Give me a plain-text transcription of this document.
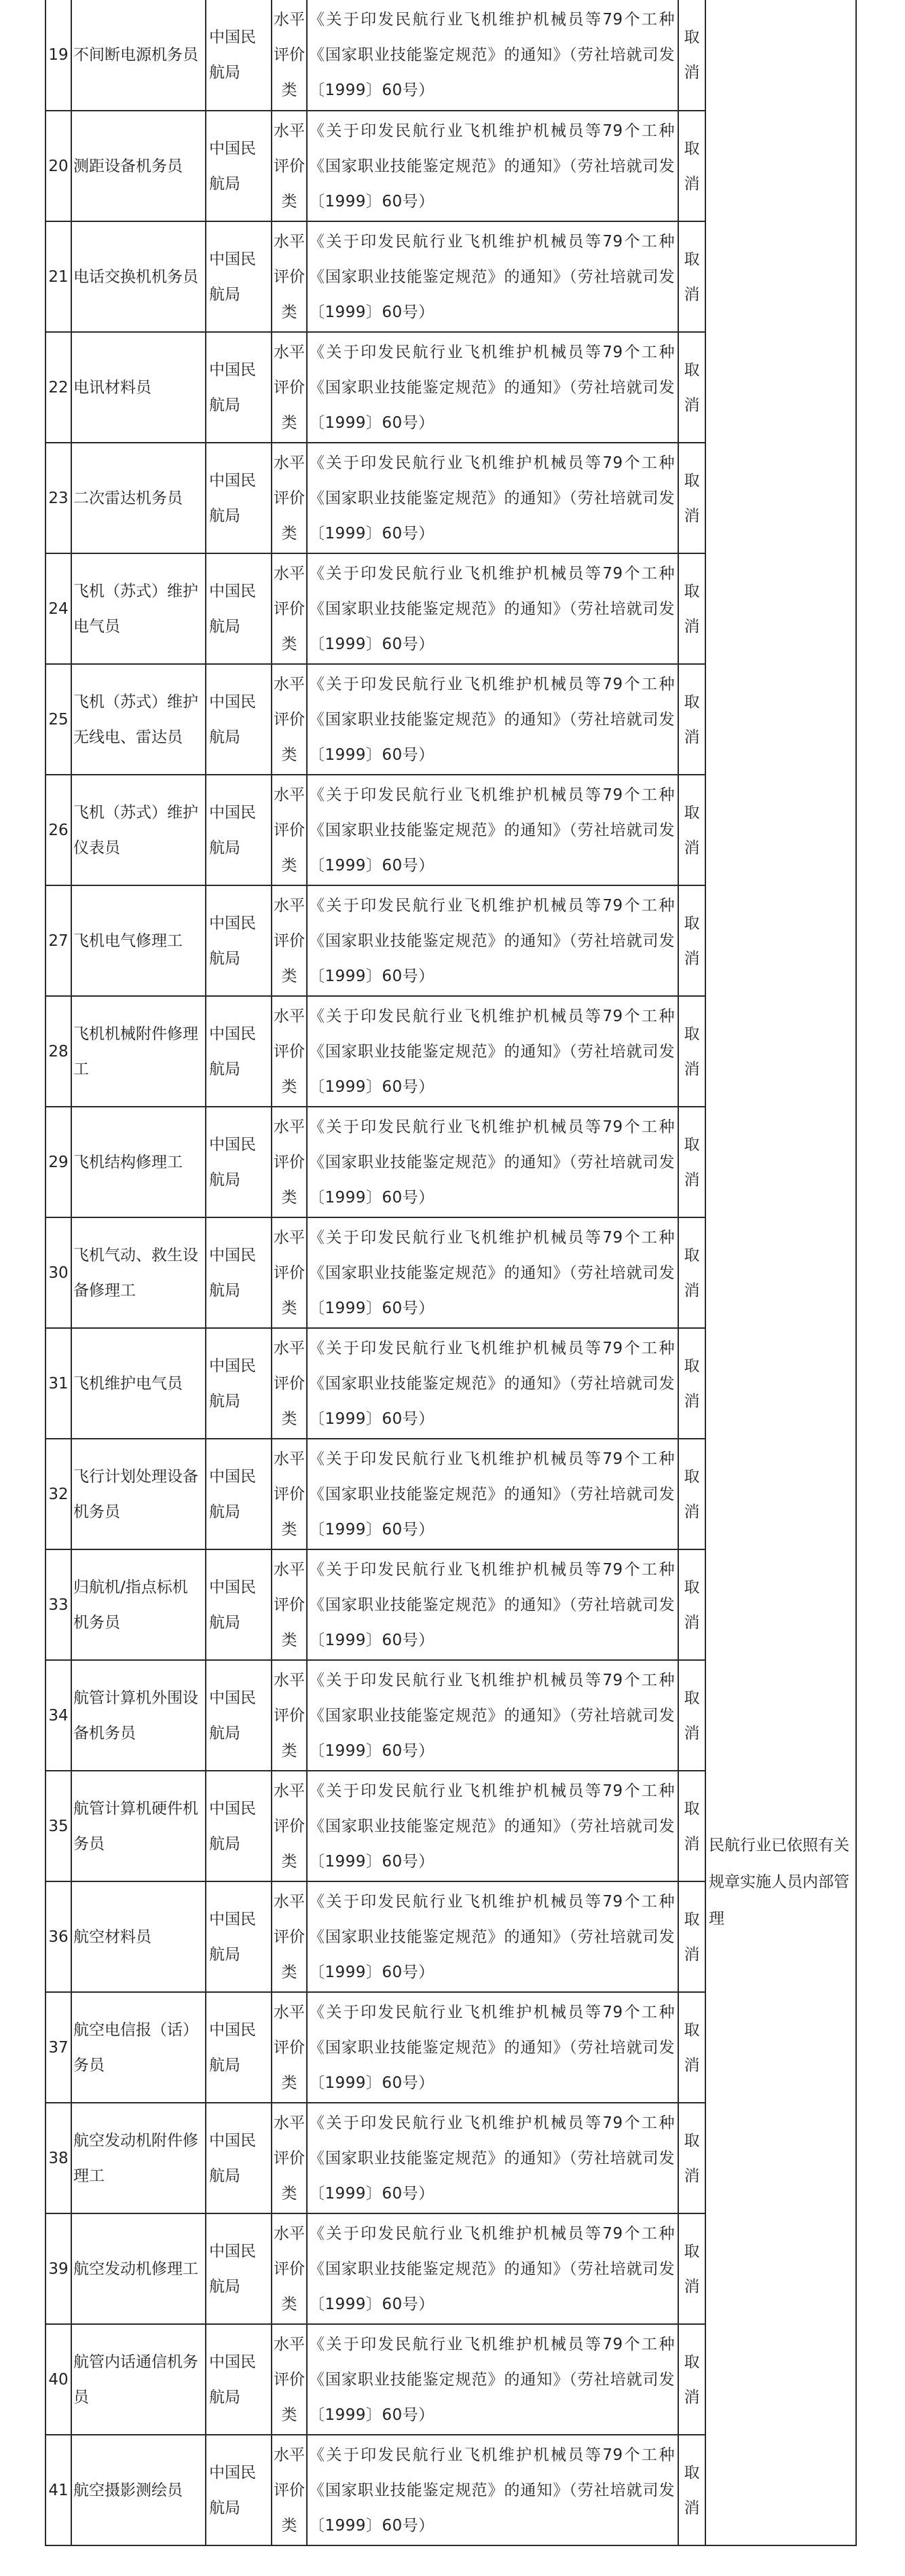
19	不间断电源机务员	中国民航局	水平评价类	《关于印发民航行业飞机维护机械员等79个工种《国家职业技能鉴定规范》的通知》（劳社培就司发〔1999〕60号）	取消	民航行业已依照有关规章实施人员内部管理

20	测距设备机务员	中国民航局	水平评价类	《关于印发民航行业飞机维护机械员等79个工种《国家职业技能鉴定规范》的通知》（劳社培就司发〔1999〕60号）	取消	
21	电话交换机机务员	中国民航局	水平评价类	《关于印发民航行业飞机维护机械员等79个工种《国家职业技能鉴定规范》的通知》（劳社培就司发〔1999〕60号）	取消	
22	电讯材料员	中国民航局	水平评价类	《关于印发民航行业飞机维护机械员等79个工种《国家职业技能鉴定规范》的通知》（劳社培就司发〔1999〕60号）	取消	
23	二次雷达机务员	中国民航局	水平评价类	《关于印发民航行业飞机维护机械员等79个工种《国家职业技能鉴定规范》的通知》（劳社培就司发〔1999〕60号）	取消	
24	飞机（苏式）维护电气员	中国民航局	水平评价类	《关于印发民航行业飞机维护机械员等79个工种《国家职业技能鉴定规范》的通知》（劳社培就司发〔1999〕60号）	取消	
25	飞机（苏式）维护无线电、雷达员	中国民航局	水平评价类	《关于印发民航行业飞机维护机械员等79个工种《国家职业技能鉴定规范》的通知》（劳社培就司发〔1999〕60号）	取消	
26	飞机（苏式）维护仪表员	中国民航局	水平评价类	《关于印发民航行业飞机维护机械员等79个工种《国家职业技能鉴定规范》的通知》（劳社培就司发〔1999〕60号）	取消	
27	飞机电气修理工	中国民航局	水平评价类	《关于印发民航行业飞机维护机械员等79个工种《国家职业技能鉴定规范》的通知》（劳社培就司发〔1999〕60号）	取消	
28	飞机机械附件修理工	中国民航局	水平评价类	《关于印发民航行业飞机维护机械员等79个工种《国家职业技能鉴定规范》的通知》（劳社培就司发〔1999〕60号）	取消	
29	飞机结构修理工	中国民航局	水平评价类	《关于印发民航行业飞机维护机械员等79个工种《国家职业技能鉴定规范》的通知》（劳社培就司发〔1999〕60号）	取消	
30	飞机气动、救生设备修理工	中国民航局	水平评价类	《关于印发民航行业飞机维护机械员等79个工种《国家职业技能鉴定规范》的通知》（劳社培就司发〔1999〕60号）	取消	
31	飞机维护电气员	中国民航局	水平评价类	《关于印发民航行业飞机维护机械员等79个工种《国家职业技能鉴定规范》的通知》（劳社培就司发〔1999〕60号）	取消	
32	飞行计划处理设备机务员	中国民航局	水平评价类	《关于印发民航行业飞机维护机械员等79个工种《国家职业技能鉴定规范》的通知》（劳社培就司发〔1999〕60号）	取消	
33	归航机/指点标机机务员	中国民航局	水平评价类	《关于印发民航行业飞机维护机械员等79个工种《国家职业技能鉴定规范》的通知》（劳社培就司发〔1999〕60号）	取消	
34	航管计算机外围设备机务员	中国民航局	水平评价类	《关于印发民航行业飞机维护机械员等79个工种《国家职业技能鉴定规范》的通知》（劳社培就司发〔1999〕60号）	取消	
35	航管计算机硬件机务员	中国民航局	水平评价类	《关于印发民航行业飞机维护机械员等79个工种《国家职业技能鉴定规范》的通知》（劳社培就司发〔1999〕60号）	取消	
36	航空材料员	中国民航局	水平评价类	《关于印发民航行业飞机维护机械员等79个工种《国家职业技能鉴定规范》的通知》（劳社培就司发〔1999〕60号）	取消	
37	航空电信报（话）务员	中国民航局	水平评价类	《关于印发民航行业飞机维护机械员等79个工种《国家职业技能鉴定规范》的通知》（劳社培就司发〔1999〕60号）	取消	
38	航空发动机附件修理工	中国民航局	水平评价类	《关于印发民航行业飞机维护机械员等79个工种《国家职业技能鉴定规范》的通知》（劳社培就司发〔1999〕60号）	取消	
39	航空发动机修理工	中国民航局	水平评价类	《关于印发民航行业飞机维护机械员等79个工种《国家职业技能鉴定规范》的通知》（劳社培就司发〔1999〕60号）	取消	
40	航管内话通信机务员	中国民航局	水平评价类	《关于印发民航行业飞机维护机械员等79个工种《国家职业技能鉴定规范》的通知》（劳社培就司发〔1999〕60号）	取消	
41	航空摄影测绘员	中国民航局	水平评价类	《关于印发民航行业飞机维护机械员等79个工种《国家职业技能鉴定规范》的通知》（劳社培就司发〔1999〕60号）	取消	
